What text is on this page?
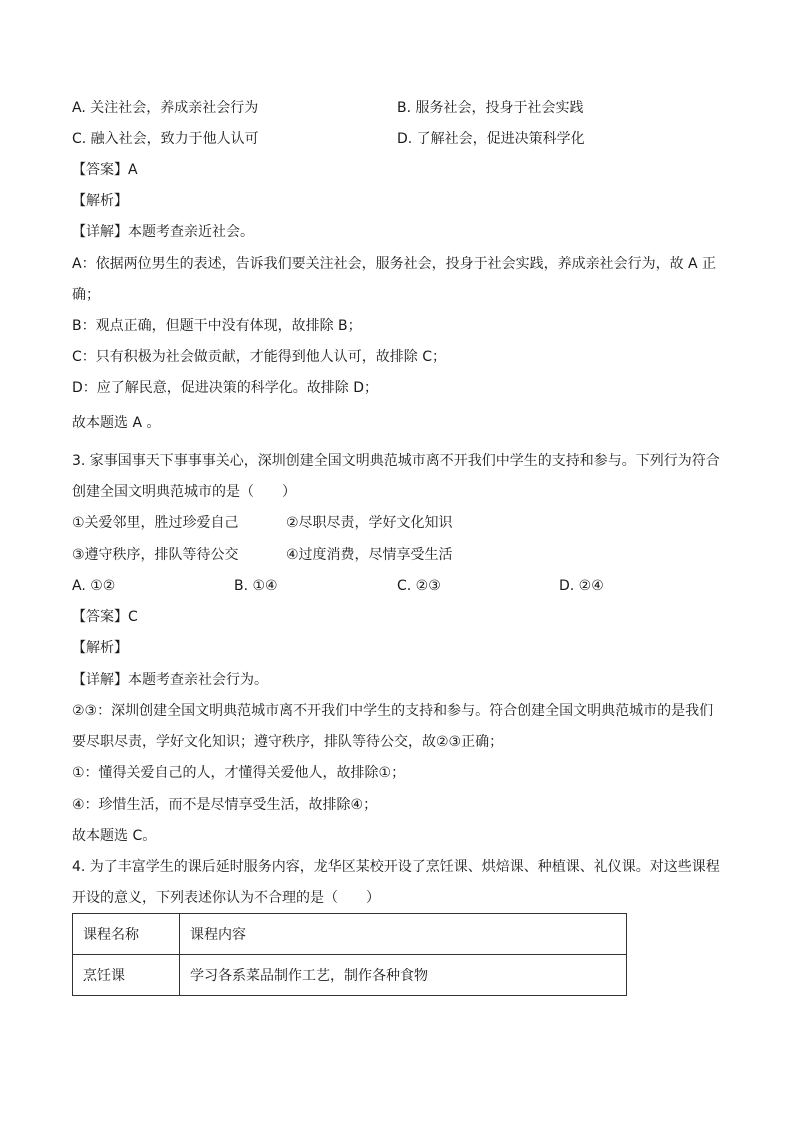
A. 关注社会，养成亲社会行为	B. 服务社会，投身于社会实践
C. 融入社会，致力于他人认可	D. 了解社会，促进决策科学化
【答案】A
【解析】
【详解】本题考查亲近社会。
A：依据两位男生的表述，告诉我们要关注社会，服务社会，投身于社会实践，养成亲社会行为，故 A 正
确；
B：观点正确，但题干中没有体现，故排除 B；
C：只有积极为社会做贡献，才能得到他人认可，故排除 C；
D：应了解民意，促进决策的科学化。故排除 D；
故本题选 A 。
3. 家事国事天下事事事关心，深圳创建全国文明典范城市离不开我们中学生的支持和参与。下列行为符合
创建全国文明典范城市的是（　　）
①关爱邻里，胜过珍爱自己	②尽职尽责，学好文化知识
③遵守秩序，排队等待公交	④过度消费，尽情享受生活
A. ①②	B. ①④	C. ②③	D. ②④
【答案】C
【解析】
【详解】本题考查亲社会行为。
②③：深圳创建全国文明典范城市离不开我们中学生的支持和参与。符合创建全国文明典范城市的是我们
要尽职尽责，学好文化知识；遵守秩序，排队等待公交，故②③正确；
①：懂得关爱自己的人，才懂得关爱他人，故排除①；
④：珍惜生活，而不是尽情享受生活，故排除④；
故本题选 C。
4. 为了丰富学生的课后延时服务内容，龙华区某校开设了烹饪课、烘焙课、种植课、礼仪课。对这些课程
开设的意义，下列表述你认为不合理的是（　　）
课程名称	课程内容
烹饪课	学习各系菜品制作工艺，制作各种食物
